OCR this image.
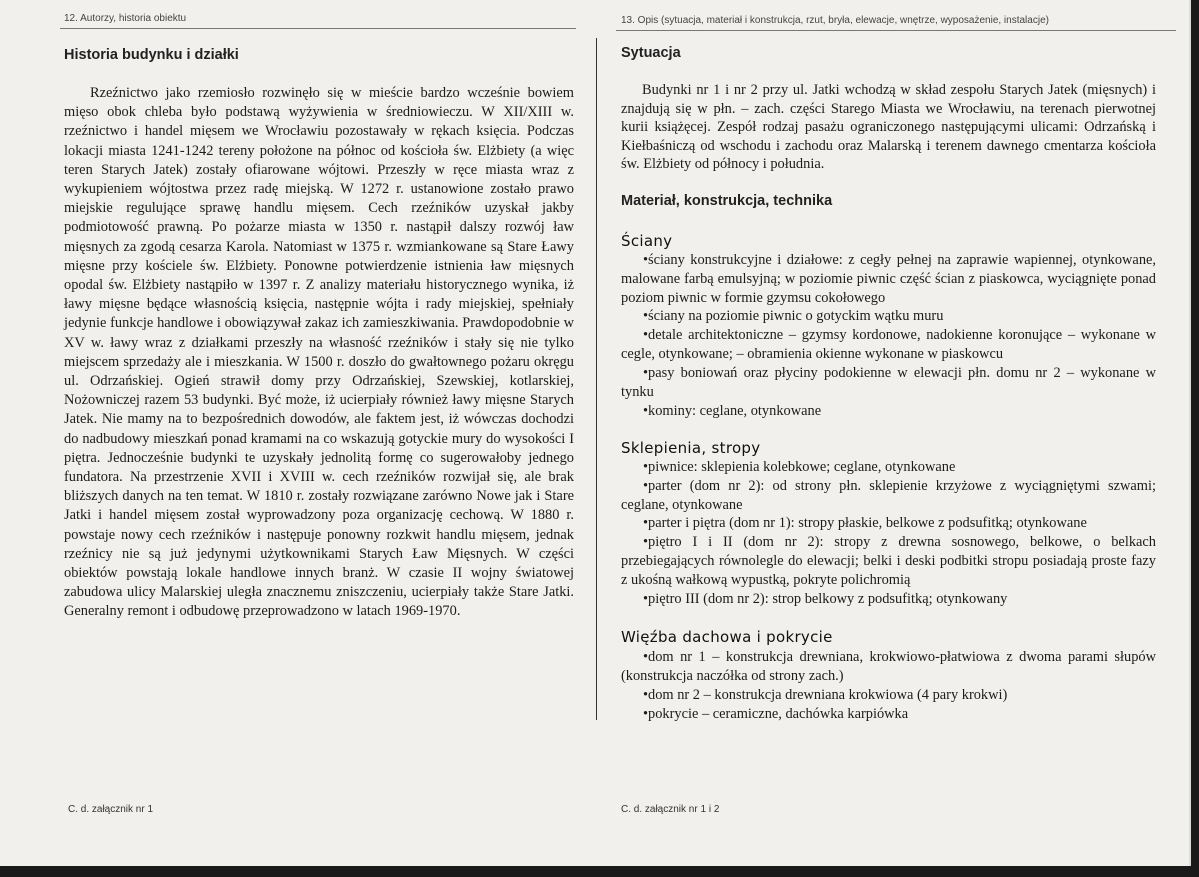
12. Autorzy, historia obiektu
Historia budynku i działki

Rzeźnictwo jako rzemiosło rozwinęło się w mieście bardzo wcześnie bowiem mięso obok chleba było podstawą wyżywienia w średniowieczu. W XII/XIII w. rzeźnictwo i handel mięsem we Wrocławiu pozostawały w rękach księcia. Podczas lokacji miasta 1241-1242 tereny położone na północ od kościoła św. Elżbiety (a więc teren Starych Jatek) zostały ofiarowane wójtowi. Przeszły w ręce miasta wraz z wykupieniem wójtostwa przez radę miejską. W 1272 r. ustanowione zostało prawo miejskie regulujące sprawę handlu mięsem. Cech rzeźników uzyskał jakby podmiotowość prawną. Po pożarze miasta w 1350 r. nastąpił dalszy rozwój ław mięsnych za zgodą cesarza Karola. Natomiast w 1375 r. wzmiankowane są Stare Ławy mięsne przy kościele św. Elżbiety. Ponowne potwierdzenie istnienia ław mięsnych opodal św. Elżbiety nastąpiło w 1397 r. Z analizy materiału historycznego wynika, iż ławy mięsne będące własnością księcia, następnie wójta i rady miejskiej, spełniały jedynie funkcje handlowe i obowiązywał zakaz ich zamieszkiwania. Prawdopodobnie w XV w. ławy wraz z działkami przeszły na własność rzeźników i stały się nie tylko miejscem sprzedaży ale i mieszkania. W 1500 r. doszło do gwałtownego pożaru okręgu ul. Odrzańskiej. Ogień strawił domy przy Odrzańskiej, Szewskiej, kotlarskiej, Nożowniczej razem 53 budynki. Być może, iż ucierpiały również ławy mięsne Starych Jatek. Nie mamy na to bezpośrednich dowodów, ale faktem jest, iż wówczas dochodzi do nadbudowy mieszkań ponad kramami na co wskazują gotyckie mury do wysokości I piętra. Jednocześnie budynki te uzyskały jednolitą formę co sugerowałoby jednego fundatora. Na przestrzenie XVII i XVIII w. cech rzeźników rozwijał się, ale brak bliższych danych na ten temat. W 1810 r. zostały rozwiązane zarówno Nowe jak i Stare Jatki i handel mięsem został wyprowadzony poza organizację cechową. W 1880 r. powstaje nowy cech rzeźników i następuje ponowny rozkwit handlu mięsem, jednak rzeźnicy nie są już jedynymi użytkownikami Starych Ław Mięsnych. W części obiektów powstają lokale handlowe innych branż. W czasie II wojny światowej zabudowa ulicy Malarskiej uległa znacznemu zniszczeniu, ucierpiały także Stare Jatki. Generalny remont i odbudowę przeprowadzono w latach 1969-1970.

C. d. załącznik nr 1
13. Opis (sytuacja, materiał i konstrukcja, rzut, bryła, elewacje, wnętrze, wyposażenie, instalacje)
Sytuacja

Budynki nr 1 i nr 2 przy ul. Jatki wchodzą w skład zespołu Starych Jatek (mięsnych) i znajdują się w płn. – zach. części Starego Miasta we Wrocławiu, na terenach pierwotnej kurii książęcej. Zespół rodzaj pasażu ograniczonego następującymi ulicami: Odrzańską i Kiełbaśniczą od wschodu i zachodu oraz Malarską i terenem dawnego cmentarza kościoła św. Elżbiety od północy i południa.

Materiał, konstrukcja, technika
Ściany

•ściany konstrukcyjne i działowe: z cegły pełnej na zaprawie wapiennej, otynkowane, malowane farbą emulsyjną; w poziomie piwnic część ścian z piaskowca, wyciągnięte ponad poziom piwnic w formie gzymsu cokołowego

•ściany na poziomie piwnic o gotyckim wątku muru

•detale architektoniczne – gzymsy kordonowe, nadokienne koronujące – wykonane w cegle, otynkowane; – obramienia okienne wykonane w piaskowcu

•pasy boniowań oraz płyciny podokienne w elewacji płn. domu nr 2 – wykonane w tynku

•kominy: ceglane, otynkowane

Sklepienia, stropy

•piwnice: sklepienia kolebkowe; ceglane, otynkowane

•parter (dom nr 2): od strony płn. sklepienie krzyżowe z wyciągniętymi szwami; ceglane, otynkowane

•parter i piętra (dom nr 1): stropy płaskie, belkowe z podsufitką; otynkowane

•piętro I i II (dom nr 2): stropy z drewna sosnowego, belkowe, o belkach przebiegających równolegle do elewacji; belki i deski podbitki stropu posiadają proste fazy z ukośną wałkową wypustką, pokryte polichromią

•piętro III (dom nr 2): strop belkowy z podsufitką; otynkowany

Więźba dachowa i pokrycie

•dom nr 1 – konstrukcja drewniana, krokwiowo-płatwiowa z dwoma parami słupów (konstrukcja naczółka od strony zach.)

•dom nr 2 – konstrukcja drewniana krokwiowa (4 pary krokwi)

•pokrycie – ceramiczne, dachówka karpiówka

C. d. załącznik nr 1 i 2
